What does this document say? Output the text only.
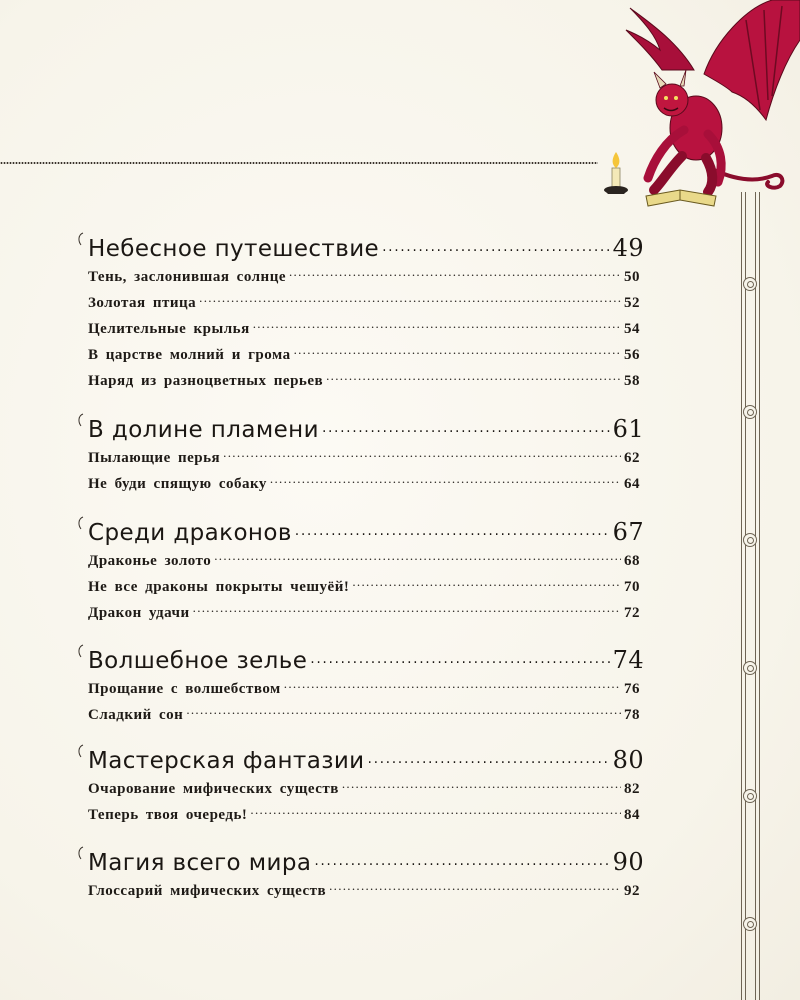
Небесное путешествие .....	49
Тень, заслонившая солнце .....	50
Золотая птица .....	52
Целительные крылья .....	54
В царстве молний и грома .....	56
Наряд из разноцветных перьев .....	58
В долине пламени .....	61
Пылающие перья .....	62
Не буди спящую собаку .....	64
Среди драконов .....	67
Драконье золото .....	68
Не все драконы покрыты чешуёй! .....	70
Дракон удачи .....	72
Волшебное зелье .....	74
Прощание с волшебством .....	76
Сладкий сон .....	78
Мастерская фантазии .....	80
Очарование мифических существ .....	82
Теперь твоя очередь! .....	84
Магия всего мира .....	90
Глоссарий мифических существ .....	92
